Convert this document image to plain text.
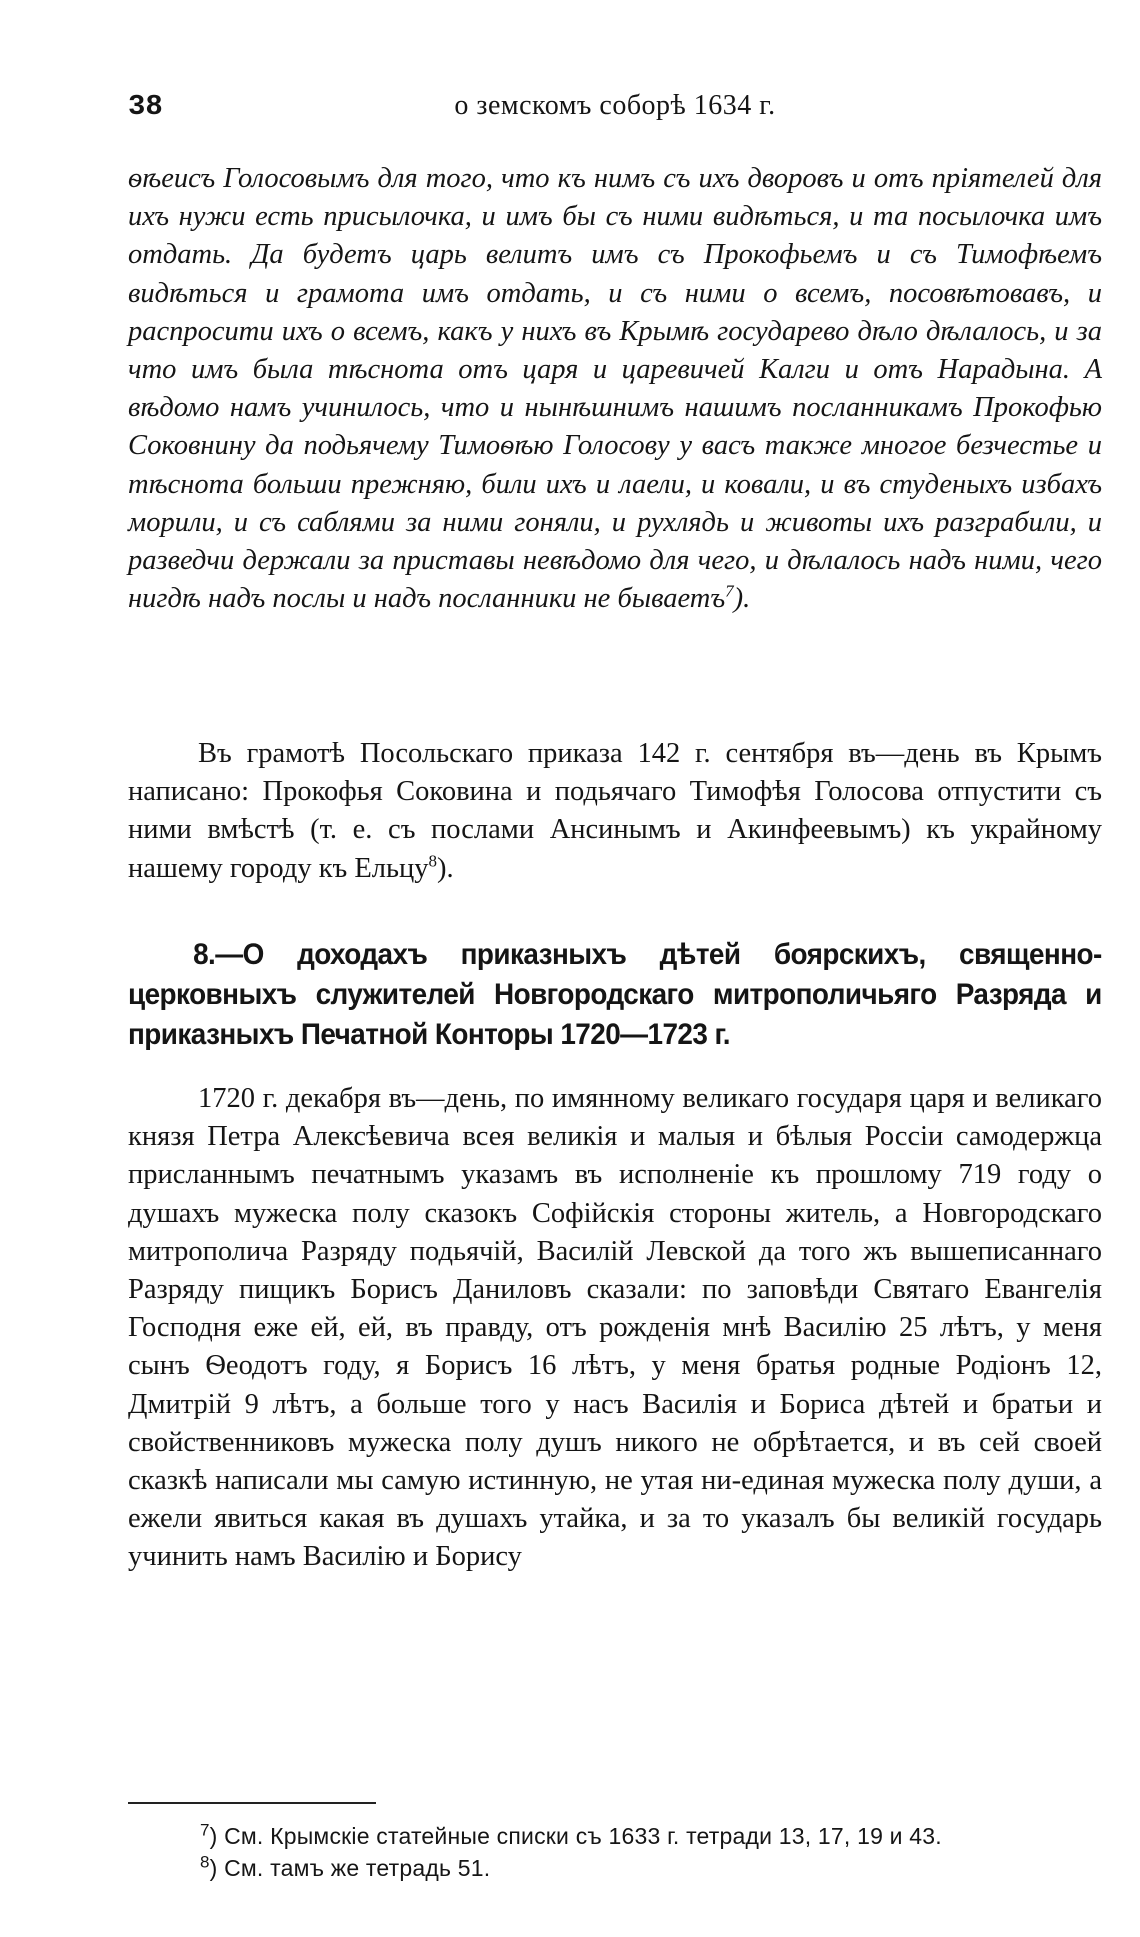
38	о земскомъ соборѣ 1634 г.
ѳѣеисъ Голосовымъ для того, что къ нимъ съ ихъ дворовъ и отъ пріятелей для ихъ нужи есть присылочка, и имъ бы съ ними видѣться, и та посылочка имъ отдать. Да будетъ царь велитъ имъ съ Прокофьемъ и съ Тимофѣемъ видѣться и грамота имъ отдать, и съ ними о всемъ, посовѣтовавъ, и распросити ихъ о всемъ, какъ у нихъ въ Крымѣ государево дѣло дѣлалось, и за что имъ была тѣснота отъ царя и царевичей Калги и отъ Нарадына. А вѣдомо намъ учинилось, что и нынѣшнимъ нашимъ посланникамъ Прокофью Соковнину да подьячему Тимоѳѣю Голосову у васъ также многое безчестье и тѣснота больши прежняю, били ихъ и лаели, и ковали, и въ студеныхъ избахъ морили, и съ саблями за ними гоняли, и рухлядь и животы ихъ разграбили, и разведчи держали за приставы невѣдомо для чего, и дѣлалось надъ ними, чего нигдѣ надъ послы и надъ посланники не бываетъ$^7$).

Въ грамотѣ Посольскаго приказа 142 г. сентября въ—день въ Крымъ написано: Прокофья Соковина и подьячаго Тимофѣя Голосова отпустити съ ними вмѣстѣ (т. е. съ послами Ансинымъ и Акинфеевымъ) къ украйному нашему городу къ Ельцу$^8$).

8.—О доходахъ приказныхъ дѣтей боярскихъ, священно-церковныхъ служителей Новгородскаго митрополичьяго Разряда и приказныхъ Печатной Конторы 1720—1723 г.

1720 г. декабря въ—день, по имянному великаго государя царя и великаго князя Петра Алексѣевича всея великія и малыя и бѣлыя Россіи самодержца присланнымъ печатнымъ указамъ въ исполненіе къ прошлому 719 году о душахъ мужеска полу сказокъ Софійскія стороны житель, а Новгородскаго митрополича Разряду подьячій, Василій Левской да того жъ вышеписаннаго Разряду пищикъ Борисъ Даниловъ сказали: по заповѣди Святаго Евангелія Господня еже ей, ей, въ правду, отъ рожденія мнѣ Василію 25 лѣтъ, у меня сынъ Ѳеодотъ году, я Борисъ 16 лѣтъ, у меня братья родные Родіонъ 12, Дмитрій 9 лѣтъ, а больше того у насъ Василія и Бориса дѣтей и братьи и свойственниковъ мужеска полу душъ никого не обрѣтается, и въ сей своей сказкѣ написали мы самую истинную, не утая ни-единая мужеска полу души, а ежели явиться какая въ душахъ утайка, и за то указалъ бы великій государь учинить намъ Василію и Борису

$^7$) См. Крымскіе статейные списки съ 1633 г. тетради 13, 17, 19 и 43.
$^8$) См. тамъ же тетрадь 51.
